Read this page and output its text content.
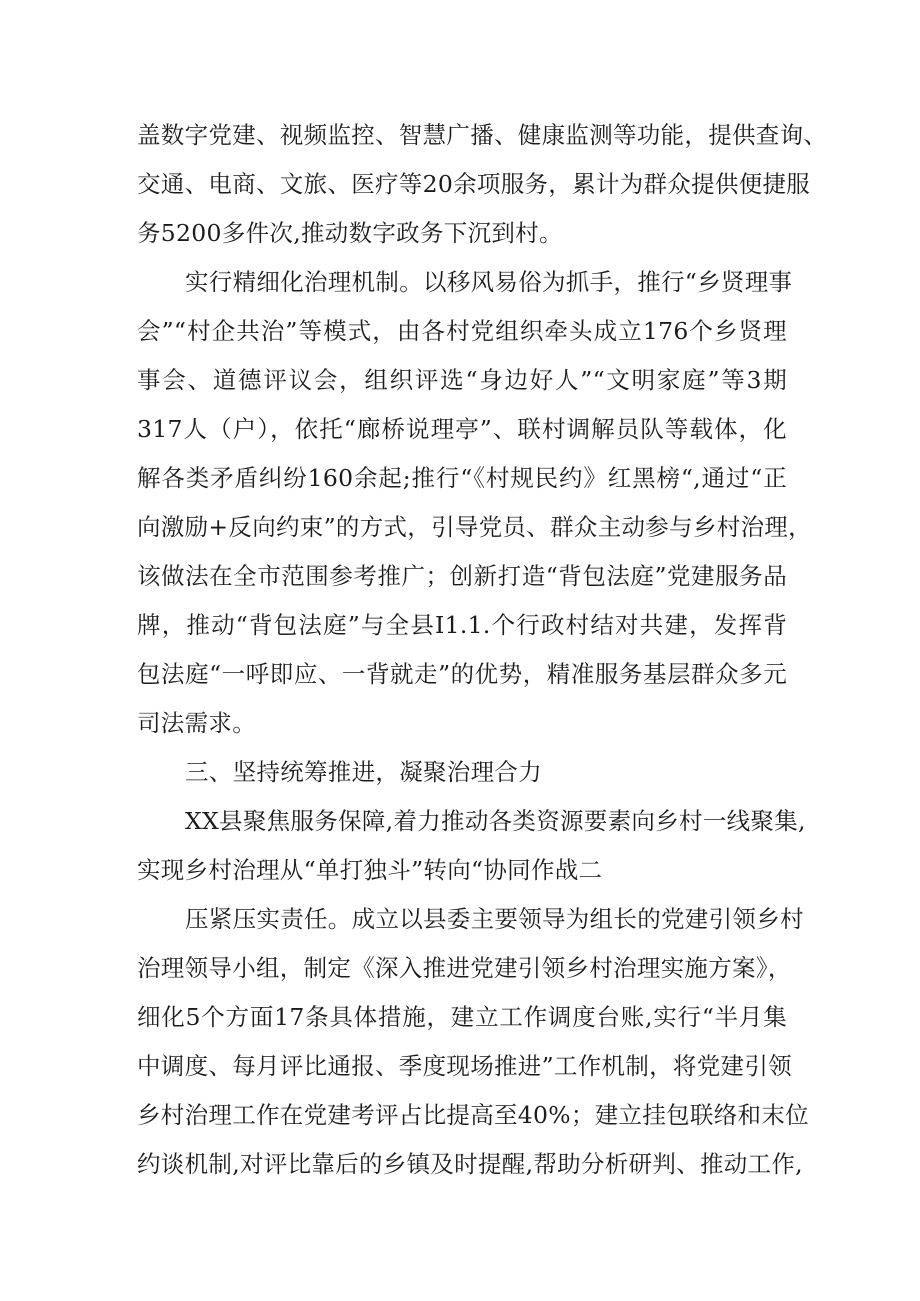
盖数字党建、视频监控、智慧广播、健康监测等功能，提供查询、
交通、电商、文旅、医疗等20余项服务，累计为群众提供便捷服
务5200多件次,推动数字政务下沉到村。
实行精细化治理机制。以移风易俗为抓手，推行“乡贤理事
会”“村企共治”等模式，由各村党组织牵头成立176个乡贤理
事会、道德评议会，组织评选“身边好人”“文明家庭”等3期
317人（户），依托“廊桥说理亭”、联村调解员队等载体，化
解各类矛盾纠纷160余起;推行“《村规民约》红黑榜“,通过“正
向激励+反向约束”的方式，引导党员、群众主动参与乡村治理，
该做法在全市范围参考推广；创新打造“背包法庭”党建服务品
牌，推动“背包法庭”与全县I1.1.个行政村结对共建，发挥背
包法庭“一呼即应、一背就走”的优势，精准服务基层群众多元
司法需求。
三、坚持统筹推进，凝聚治理合力
XX县聚焦服务保障,着力推动各类资源要素向乡村一线聚集,
实现乡村治理从“单打独斗”转向“协同作战二
压紧压实责任。成立以县委主要领导为组长的党建引领乡村
治理领导小组，制定《深入推进党建引领乡村治理实施方案》，
细化5个方面17条具体措施，建立工作调度台账,实行“半月集
中调度、每月评比通报、季度现场推进”工作机制，将党建引领
乡村治理工作在党建考评占比提高至40%；建立挂包联络和末位
约谈机制,对评比靠后的乡镇及时提醒,帮助分析研判、推动工作,
